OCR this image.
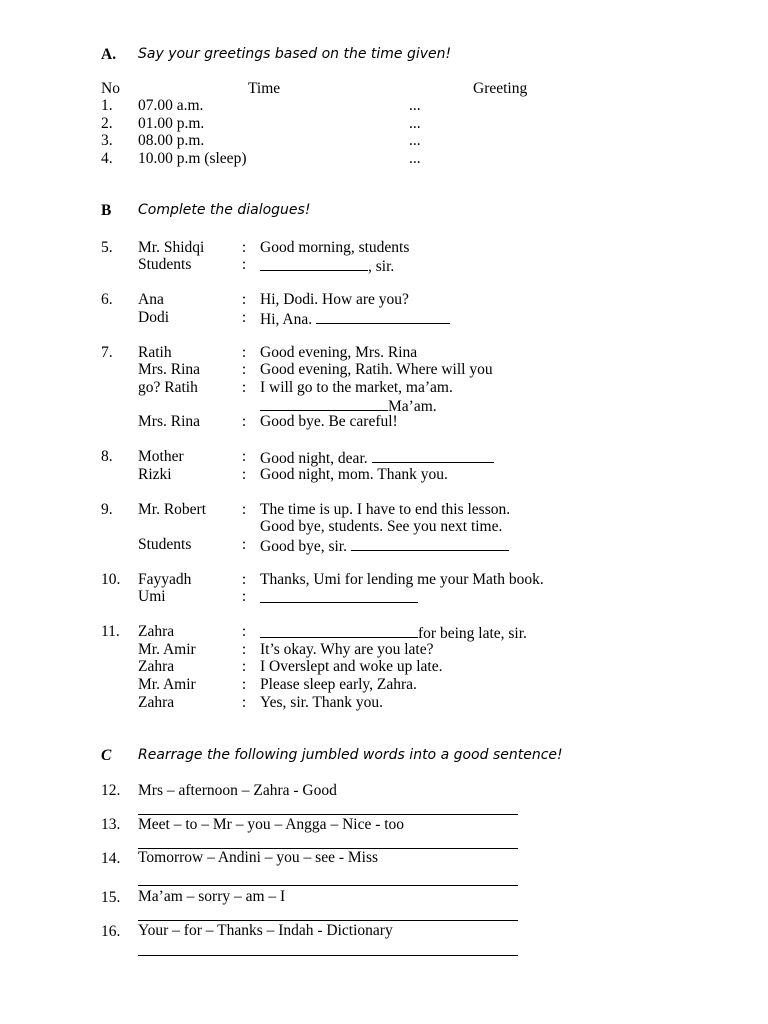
A. Say your greetings based on the time given!
No	Time	Greeting
1. 07.00 a.m.	...
2. 01.00 p.m.	...
3. 08.00 p.m.	...
4. 10.00 p.m (sleep)	...
B Complete the dialogues!
5. Mr. Shidqi : Good morning, students
Students	:	, sir.
6. Ana	: Hi, Dodi. How are you?
Dodi	: Hi, Ana.
7. Ratih	: Good evening, Mrs. Rina
Mrs. Rina	: Good evening, Ratih. Where will you
go? Ratih	: I will go to the market, ma’am.
Ma’am.
Mrs. Rina	: Good bye. Be careful!
8. Mother	: Good night, dear.
Rizki	: Good night, mom. Thank you.
9. Mr. Robert : The time is up. I have to end this lesson.
Good bye, students. See you next time.
Students	: Good bye, sir.
10. Fayyadh	: Thanks, Umi for lending me your Math book.
Umi	:
11. Zahra	:	for being late, sir.
Mr. Amir	: It’s okay. Why are you late?
Zahra	: I Overslept and woke up late.
Mr. Amir	: Please sleep early, Zahra.
Zahra	: Yes, sir. Thank you.
C Rearrage the following jumbled words into a good sentence!
12. Mrs – afternoon – Zahra - Good
13. Meet – to – Mr – you – Angga – Nice - too
14. Tomorrow – Andini – you – see - Miss
15. Ma’am – sorry – am – I
16. Your – for – Thanks – Indah - Dictionary
